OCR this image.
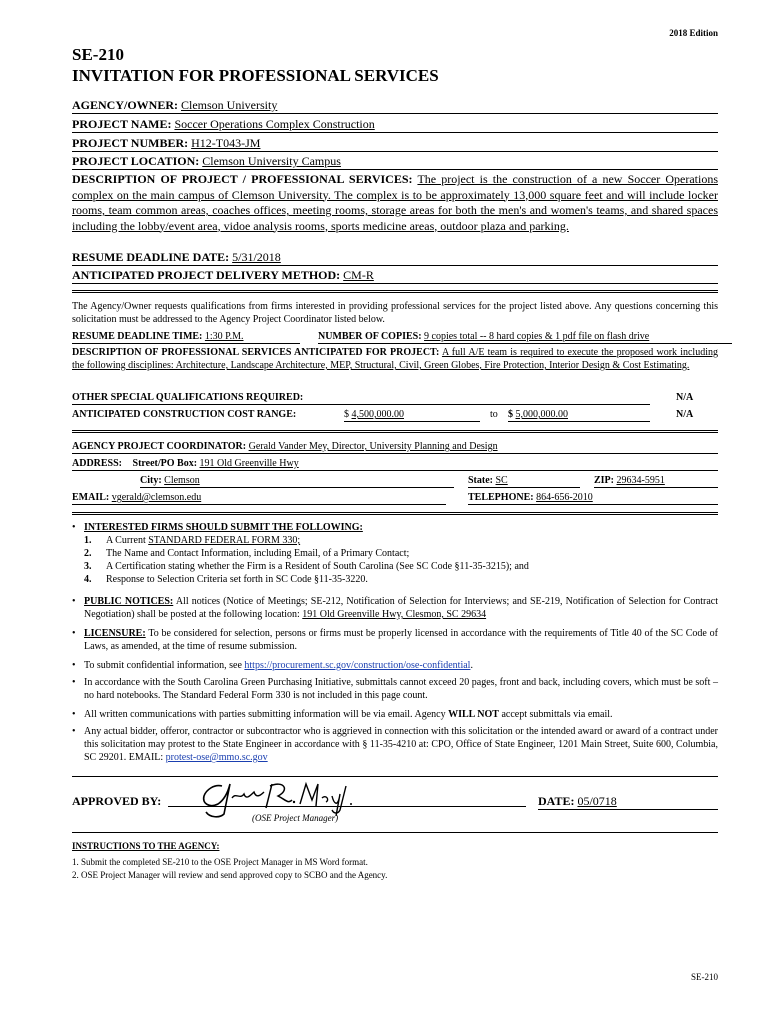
2018 Edition
SE-210
INVITATION FOR PROFESSIONAL SERVICES
AGENCY/OWNER: Clemson University
PROJECT NAME: Soccer Operations Complex Construction
PROJECT NUMBER: H12-T043-JM
PROJECT LOCATION: Clemson University Campus
DESCRIPTION OF PROJECT / PROFESSIONAL SERVICES: The project is the construction of a new Soccer Operations complex on the main campus of Clemson University. The complex is to be approximately 13,000 square feet and will include locker rooms, team common areas, coaches offices, meeting rooms, storage areas for both the men's and women's teams, and shared spaces including the lobby/event area, vidoe analysis rooms, sports medicine areas, outdoor plaza and parking.
RESUME DEADLINE DATE: 5/31/2018
ANTICIPATED PROJECT DELIVERY METHOD: CM-R
The Agency/Owner requests qualifications from firms interested in providing professional services for the project listed above. Any questions concerning this solicitation must be addressed to the Agency Project Coordinator listed below.
RESUME DEADLINE TIME: 1:30 P.M.	NUMBER OF COPIES: 9 copies total -- 8 hard copies & 1 pdf file on flash drive
DESCRIPTION OF PROFESSIONAL SERVICES ANTICIPATED FOR PROJECT: A full A/E team is required to execute the proposed work including the following disciplines: Architecture, Landscape Architecture, MEP, Structural, Civil, Green Globes, Fire Protection, Interior Design & Cost Estimating.
OTHER SPECIAL QUALIFICATIONS REQUIRED:	N/A
ANTICIPATED CONSTRUCTION COST RANGE:	$ 4,500,000.00	to $ 5,000,000.00	N/A
AGENCY PROJECT COORDINATOR: Gerald Vander Mey, Director, University Planning and Design
ADDRESS: Street/PO Box: 191 Old Greenville Hwy
City: Clemson	State: SC	ZIP: 29634-5951
EMAIL: vgerald@clemson.edu	TELEPHONE: 864-656-2010
• INTERESTED FIRMS SHOULD SUBMIT THE FOLLOWING:
1. A Current STANDARD FEDERAL FORM 330;
2. The Name and Contact Information, including Email, of a Primary Contact;
3. A Certification stating whether the Firm is a Resident of South Carolina (See SC Code §11-35-3215); and
4. Response to Selection Criteria set forth in SC Code §11-35-3220.
• PUBLIC NOTICES: All notices (Notice of Meetings; SE-212, Notification of Selection for Interviews; and SE-219, Notification of Selection for Contract Negotiation) shall be posted at the following location: 191 Old Greenville Hwy, Clesmon, SC 29634
• LICENSURE: To be considered for selection, persons or firms must be properly licensed in accordance with the requirements of Title 40 of the SC Code of Laws, as amended, at the time of resume submission.
• To submit confidential information, see https://procurement.sc.gov/construction/ose-confidential.
• In accordance with the South Carolina Green Purchasing Initiative, submittals cannot exceed 20 pages, front and back, including covers, which must be soft – no hard notebooks. The Standard Federal Form 330 is not included in this page count.
• All written communications with parties submitting information will be via email. Agency WILL NOT accept submittals via email.
• Any actual bidder, offeror, contractor or subcontractor who is aggrieved in connection with this solicitation or the intended award or award of a contract under this solicitation may protest to the State Engineer in accordance with § 11-35-4210 at: CPO, Office of State Engineer, 1201 Main Street, Suite 600, Columbia, SC 29201. EMAIL: protest-ose@mmo.sc.gov
APPROVED BY:
(OSE Project Manager)
DATE: 05/0718
INSTRUCTIONS TO THE AGENCY:
1. Submit the completed SE-210 to the OSE Project Manager in MS Word format.
2. OSE Project Manager will review and send approved copy to SCBO and the Agency.
SE-210
